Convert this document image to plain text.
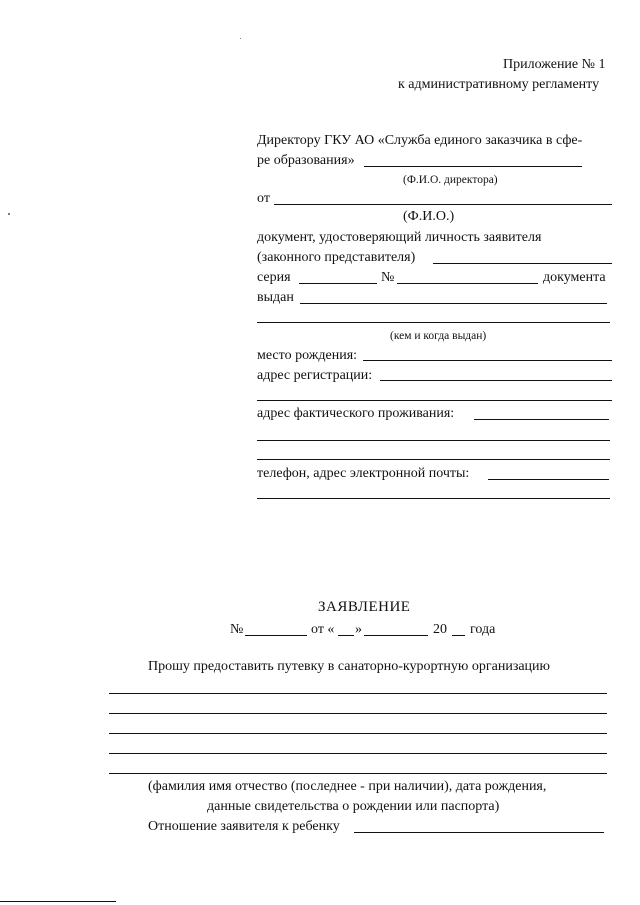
Приложение № 1
к административному регламенту
Директору ГКУ АО «Служба единого заказчика в сфе-
ре образования»
(Ф.И.О. директора)
от
(Ф.И.О.)
документ, удостоверяющий личность заявителя
(законного представителя)
серия	№	документа
выдан
(кем и когда выдан)
место рождения:
адрес регистрации:
адрес фактического проживания:
телефон, адрес электронной почты:
ЗАЯВЛЕНИЕ
№	от « »	20 года
Прошу предоставить путевку в санаторно-курортную организацию
(фамилия имя отчество (последнее - при наличии), дата рождения,
данные свидетельства о рождении или паспорта)
Отношение заявителя к ребенку
